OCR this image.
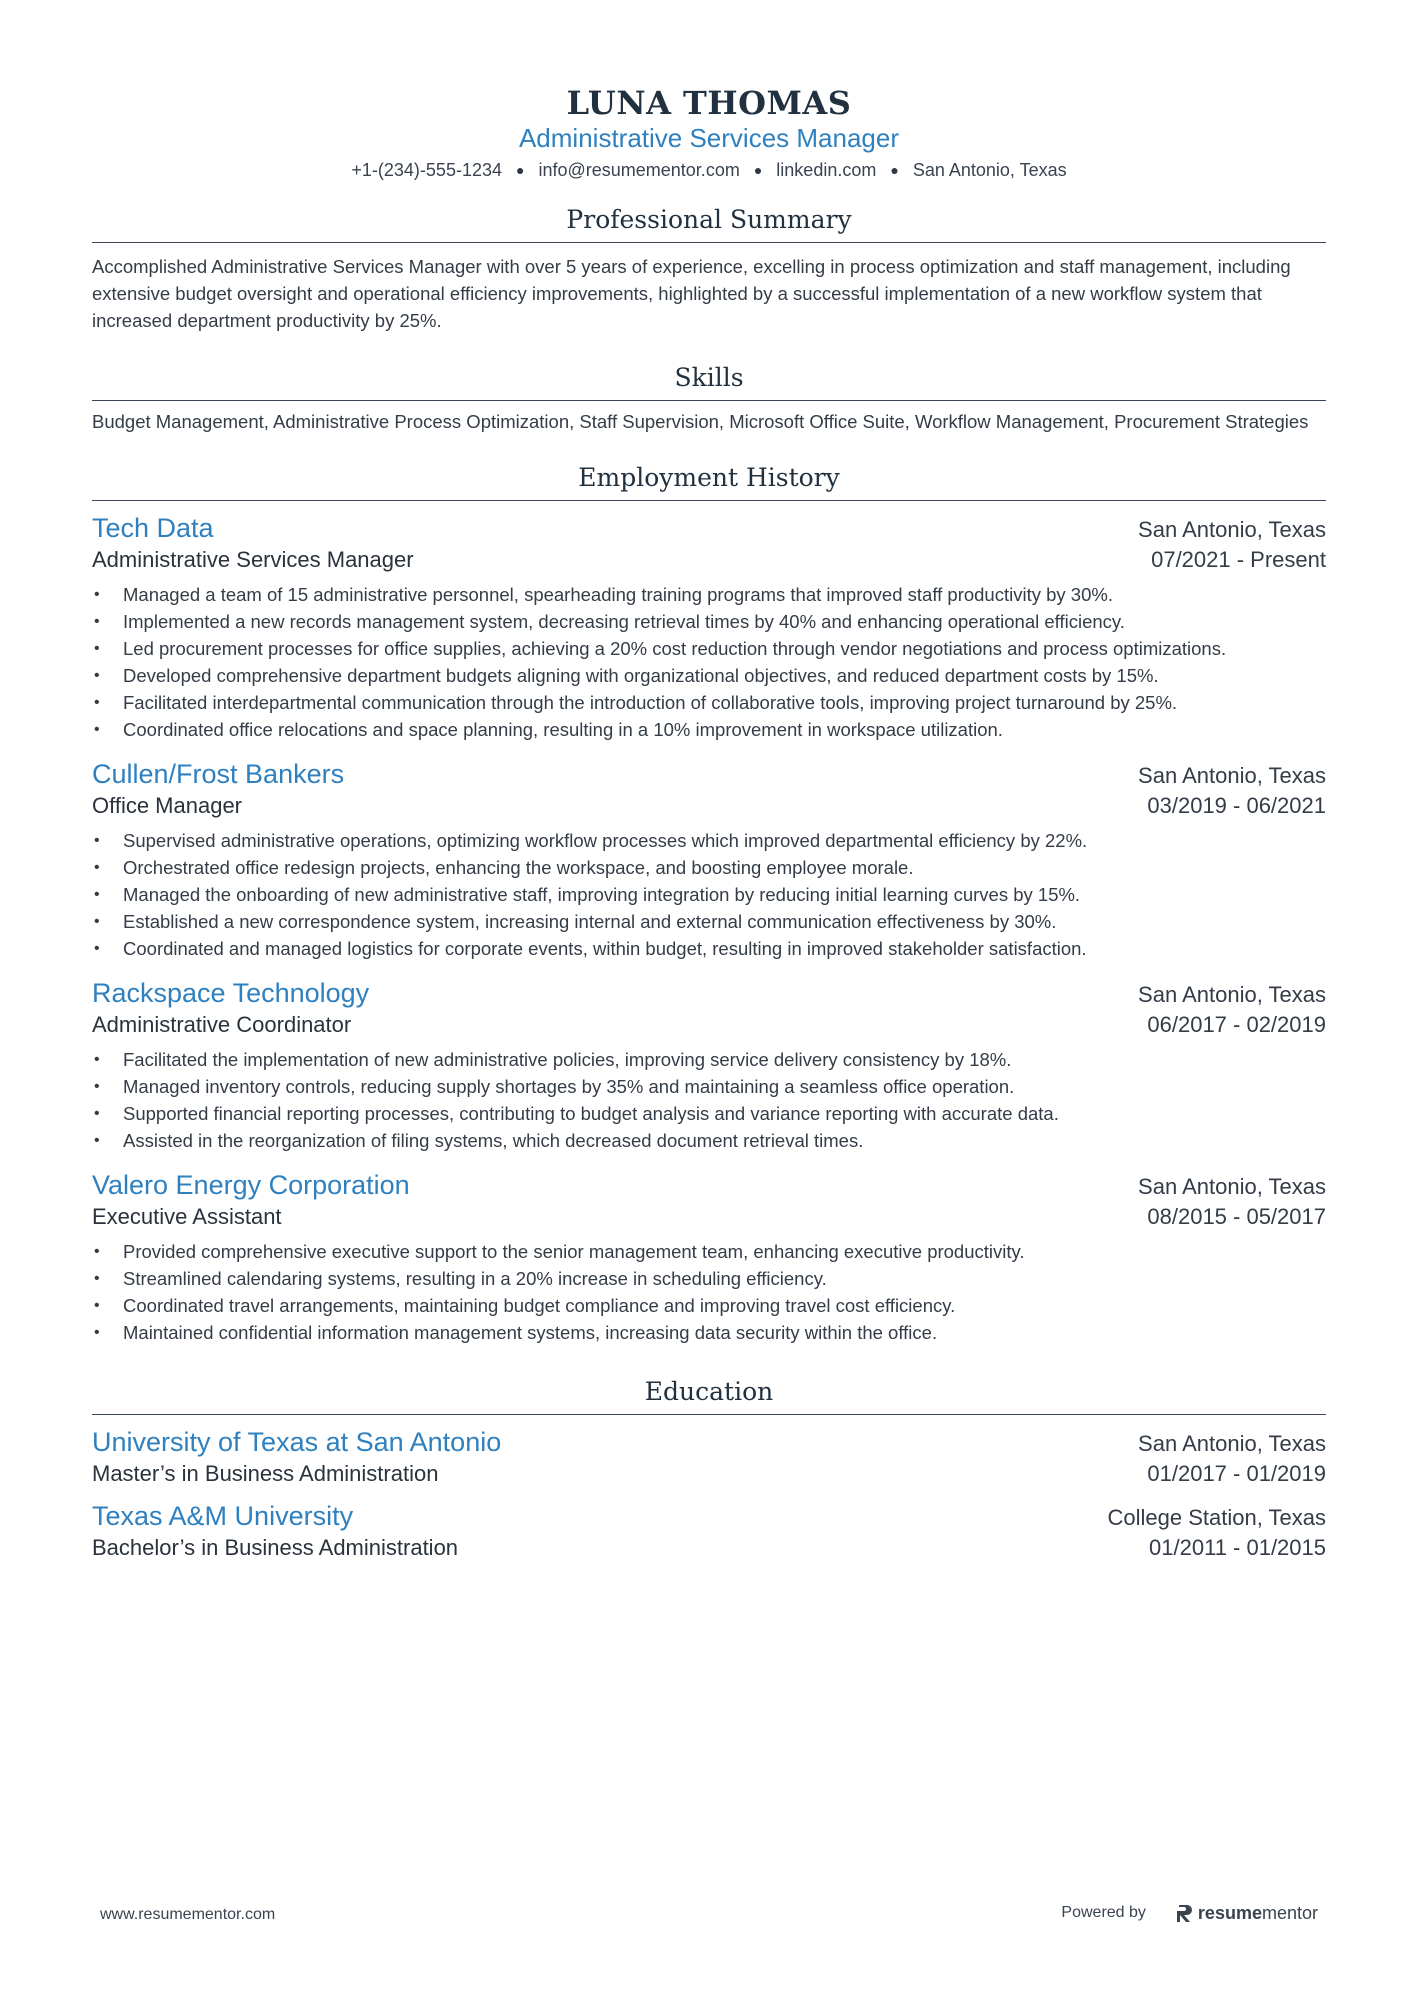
LUNA THOMAS
Administrative Services Manager
+1-(234)-555-1234 ● info@resumementor.com ● linkedin.com ● San Antonio, Texas
Professional Summary
Accomplished Administrative Services Manager with over 5 years of experience, excelling in process optimization and staff management, including extensive budget oversight and operational efficiency improvements, highlighted by a successful implementation of a new workflow system that increased department productivity by 25%.
Skills
Budget Management, Administrative Process Optimization, Staff Supervision, Microsoft Office Suite, Workflow Management, Procurement Strategies
Employment History
Tech Data	San Antonio, Texas
Administrative Services Manager	07/2021 - Present
• Managed a team of 15 administrative personnel, spearheading training programs that improved staff productivity by 30%.
• Implemented a new records management system, decreasing retrieval times by 40% and enhancing operational efficiency.
• Led procurement processes for office supplies, achieving a 20% cost reduction through vendor negotiations and process optimizations.
• Developed comprehensive department budgets aligning with organizational objectives, and reduced department costs by 15%.
• Facilitated interdepartmental communication through the introduction of collaborative tools, improving project turnaround by 25%.
• Coordinated office relocations and space planning, resulting in a 10% improvement in workspace utilization.
Cullen/Frost Bankers	San Antonio, Texas
Office Manager	03/2019 - 06/2021
• Supervised administrative operations, optimizing workflow processes which improved departmental efficiency by 22%.
• Orchestrated office redesign projects, enhancing the workspace, and boosting employee morale.
• Managed the onboarding of new administrative staff, improving integration by reducing initial learning curves by 15%.
• Established a new correspondence system, increasing internal and external communication effectiveness by 30%.
• Coordinated and managed logistics for corporate events, within budget, resulting in improved stakeholder satisfaction.
Rackspace Technology	San Antonio, Texas
Administrative Coordinator	06/2017 - 02/2019
• Facilitated the implementation of new administrative policies, improving service delivery consistency by 18%.
• Managed inventory controls, reducing supply shortages by 35% and maintaining a seamless office operation.
• Supported financial reporting processes, contributing to budget analysis and variance reporting with accurate data.
• Assisted in the reorganization of filing systems, which decreased document retrieval times.
Valero Energy Corporation	San Antonio, Texas
Executive Assistant	08/2015 - 05/2017
• Provided comprehensive executive support to the senior management team, enhancing executive productivity.
• Streamlined calendaring systems, resulting in a 20% increase in scheduling efficiency.
• Coordinated travel arrangements, maintaining budget compliance and improving travel cost efficiency.
• Maintained confidential information management systems, increasing data security within the office.
Education
University of Texas at San Antonio	San Antonio, Texas
Master’s in Business Administration	01/2017 - 01/2019
Texas A&M University	College Station, Texas
Bachelor’s in Business Administration	01/2011 - 01/2015
www.resumementor.com	Powered by	resume mentor
